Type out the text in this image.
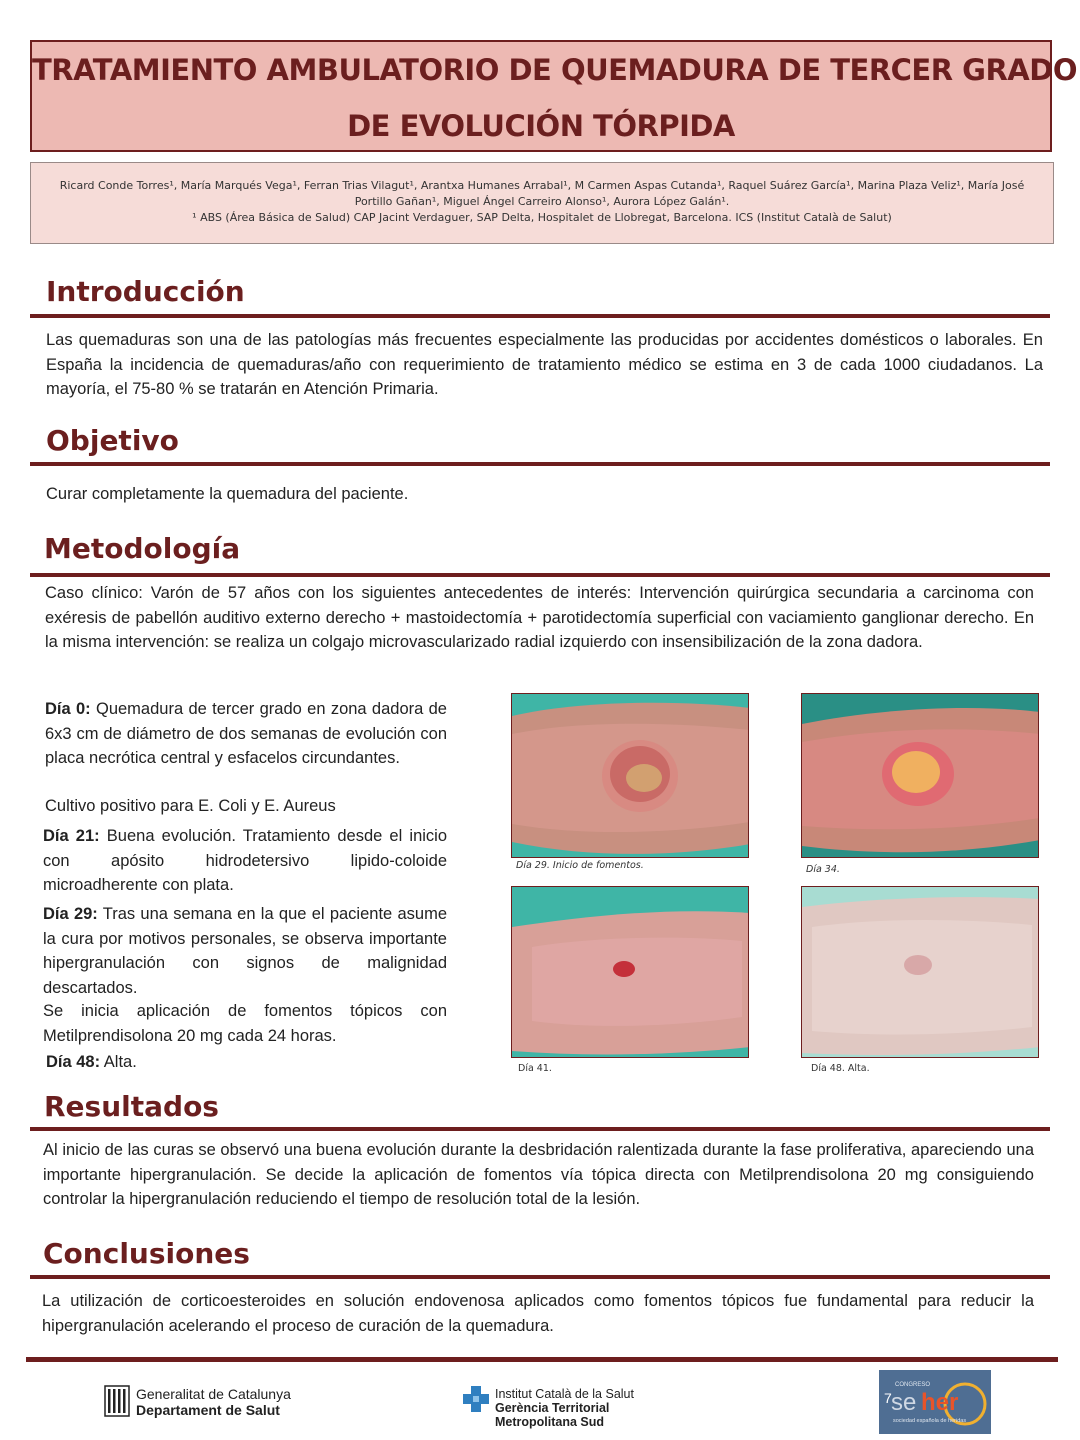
TRATAMIENTO AMBULATORIO DE QUEMADURA DE TERCER GRADO
DE EVOLUCIÓN TÓRPIDA
Ricard Conde Torres¹, María Marqués Vega¹, Ferran Trias Vilagut¹, Arantxa Humanes Arrabal¹, M Carmen Aspas Cutanda¹, Raquel Suárez García¹, Marina Plaza Veliz¹, María José
Portillo Gañan¹, Miguel Ángel Carreiro Alonso¹, Aurora López Galán¹.
¹ ABS (Área Básica de Salud) CAP Jacint Verdaguer, SAP Delta, Hospitalet de Llobregat, Barcelona. ICS (Institut Català de Salut)
Introducción
Las quemaduras son una de las patologías más frecuentes especialmente las producidas por accidentes domésticos o laborales. En España la incidencia de quemaduras/año con requerimiento de tratamiento médico se estima en 3 de cada 1000 ciudadanos. La mayoría, el 75-80 % se tratarán en Atención Primaria.
Objetivo
Curar completamente la quemadura del paciente.
Metodología
Caso clínico: Varón de 57 años con los siguientes antecedentes de interés: Intervención quirúrgica secundaria a carcinoma con exéresis de pabellón auditivo externo derecho + mastoidectomía + parotidectomía superficial con vaciamiento ganglionar derecho. En la misma intervención: se realiza un colgajo microvascularizado radial izquierdo con insensibilización de la zona dadora.
Día 0: Quemadura de tercer grado en zona dadora de 6x3 cm de diámetro de dos semanas de evolución con placa necrótica central y esfacelos circundantes.
Cultivo positivo para E. Coli y E. Aureus
Día 21: Buena evolución. Tratamiento desde el inicio con apósito hidrodetersivo lipido-coloide microadherente con plata.
Día 29: Tras una semana en la que el paciente asume la cura por motivos personales, se observa importante hipergranulación con signos de malignidad descartados.
Se inicia aplicación de fomentos tópicos con Metilprendisolona 20 mg cada 24 horas.
Día 48: Alta.
Día 29. Inicio de fomentos.	Día 34.
Día 41.	Día 48. Alta.
Resultados
Al inicio de las curas se observó una buena evolución durante la desbridación ralentizada durante la fase proliferativa, apareciendo una importante hipergranulación. Se decide la aplicación de fomentos vía tópica directa con Metilprendisolona 20 mg consiguiendo controlar la hipergranulación reduciendo el tiempo de resolución total de la lesión.
Conclusiones
La utilización de corticoesteroides en solución endovenosa aplicados como fomentos tópicos fue fundamental para reducir la hipergranulación acelerando el proceso de curación de la quemadura.
Generalitat de Catalunya
Departament de Salut
Institut Català de la Salut
Gerència Territorial
Metropolitana Sud
7
CONGRESO
se her
sociedad española de heridas
